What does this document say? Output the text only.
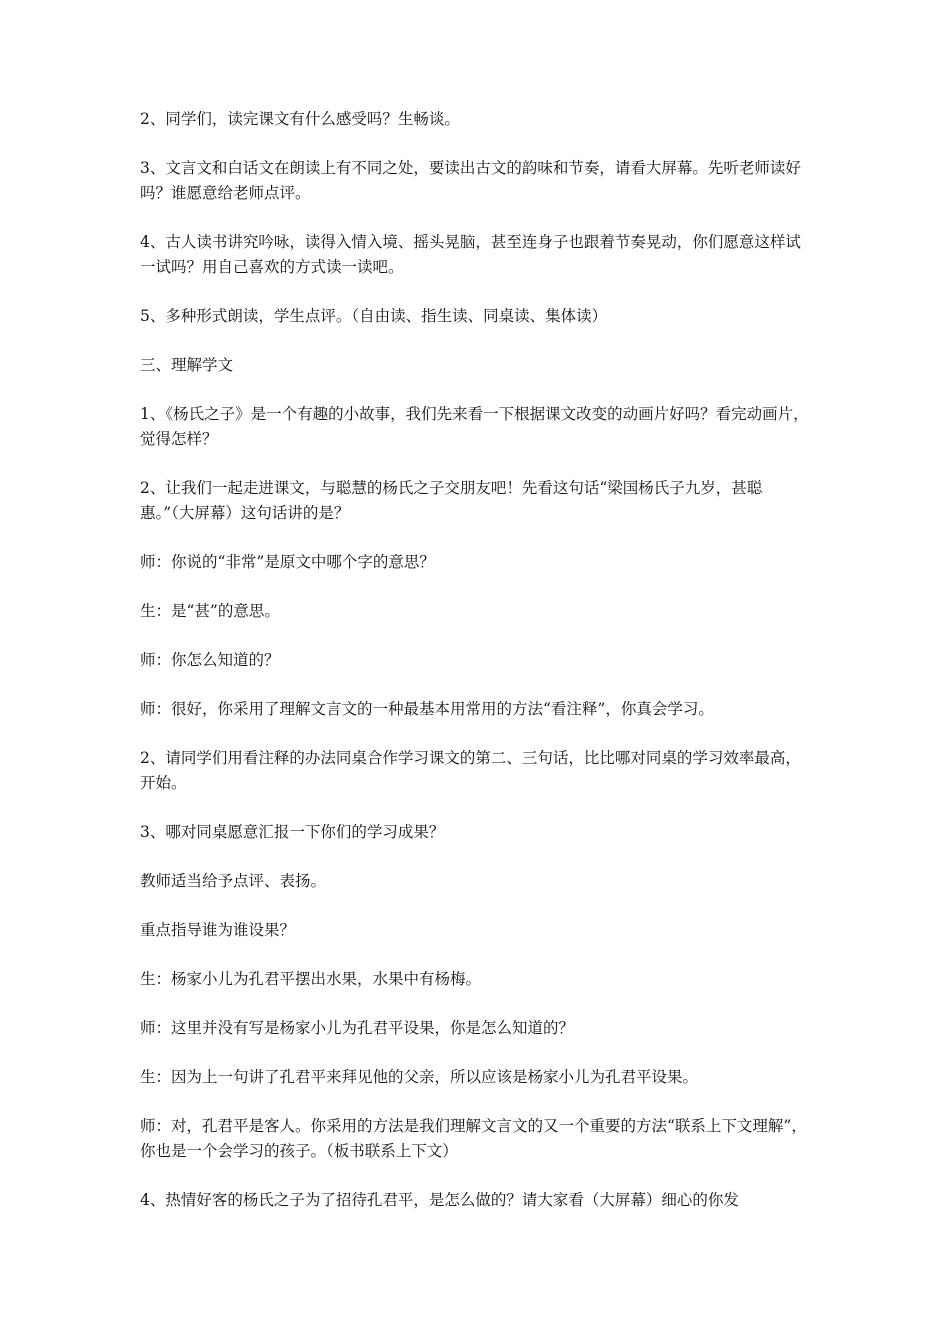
2、同学们，读完课文有什么感受吗？生畅谈。

3、文言文和白话文在朗读上有不同之处，要读出古文的韵味和节奏，请看大屏幕。先听老师读好吗？谁愿意给老师点评。

4、古人读书讲究吟咏，读得入情入境、摇头晃脑，甚至连身子也跟着节奏晃动，你们愿意这样试一试吗？用自己喜欢的方式读一读吧。

5、多种形式朗读，学生点评。（自由读、指生读、同桌读、集体读）

三、理解学文

1、《杨氏之子》是一个有趣的小故事，我们先来看一下根据课文改变的动画片好吗？看完动画片，觉得怎样？

2、让我们一起走进课文，与聪慧的杨氏之子交朋友吧！先看这句话“梁国杨氏子九岁，甚聪惠。”（大屏幕）这句话讲的是？

师：你说的“非常”是原文中哪个字的意思？

生：是“甚”的意思。

师：你怎么知道的？

师：很好，你采用了理解文言文的一种最基本用常用的方法“看注释”，你真会学习。

2、请同学们用看注释的办法同桌合作学习课文的第二、三句话，比比哪对同桌的学习效率最高，开始。

3、哪对同桌愿意汇报一下你们的学习成果？

教师适当给予点评、表扬。

重点指导谁为谁设果？

生：杨家小儿为孔君平摆出水果，水果中有杨梅。

师：这里并没有写是杨家小儿为孔君平设果，你是怎么知道的？

生：因为上一句讲了孔君平来拜见他的父亲，所以应该是杨家小儿为孔君平设果。

师：对，孔君平是客人。你采用的方法是我们理解文言文的又一个重要的方法“联系上下文理解”，你也是一个会学习的孩子。（板书联系上下文）

4、热情好客的杨氏之子为了招待孔君平，是怎么做的？请大家看（大屏幕）细心的你发
